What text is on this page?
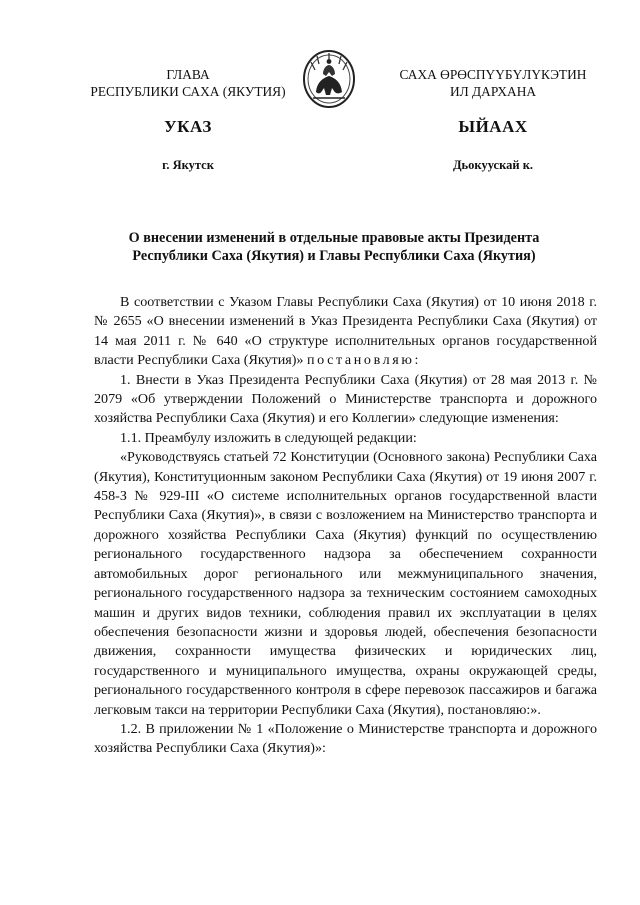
ГЛАВА
РЕСПУБЛИКИ САХА (ЯКУТИЯ)
САХА ӨРӨСПҮҮБҮЛҮКЭТИН
ИЛ ДАРХАНА
УКАЗ	ЫЙААХ
г. Якутск	Дьокуускай к.
О внесении изменений в отдельные правовые акты Президента
Республики Саха (Якутия) и Главы Республики Саха (Якутия)

В соответствии с Указом Главы Республики Саха (Якутия) от 10 июня 2018 г. № 2655 «О внесении изменений в Указ Президента Республики Саха (Якутия) от 14 мая 2011 г. № 640 «О структуре исполнительных органов государственной власти Республики Саха (Якутия)» постановляю:

1. Внести в Указ Президента Республики Саха (Якутия) от 28 мая 2013 г. № 2079 «Об утверждении Положений о Министерстве транспорта и дорожного хозяйства Республики Саха (Якутия) и его Коллегии» следующие изменения:

1.1. Преамбулу изложить в следующей редакции:

«Руководствуясь статьей 72 Конституции (Основного закона) Республики Саха (Якутия), Конституционным законом Республики Саха (Якутия) от 19 июня 2007 г. 458-З № 929-III «О системе исполнительных органов государственной власти Республики Саха (Якутия)», в связи с возложением на Министерство транспорта и дорожного хозяйства Республики Саха (Якутия) функций по осуществлению регионального государственного надзора за обеспечением сохранности автомобильных дорог регионального или межмуниципального значения, регионального государственного надзора за техническим состоянием самоходных машин и других видов техники, соблюдения правил их эксплуатации в целях обеспечения безопасности жизни и здоровья людей, обеспечения безопасности движения, сохранности имущества физических и юридических лиц, государственного и муниципального имущества, охраны окружающей среды, регионального государственного контроля в сфере перевозок пассажиров и багажа легковым такси на территории Республики Саха (Якутия), постановляю:».

1.2. В приложении № 1 «Положение о Министерстве транспорта и дорожного хозяйства Республики Саха (Якутия)»:
